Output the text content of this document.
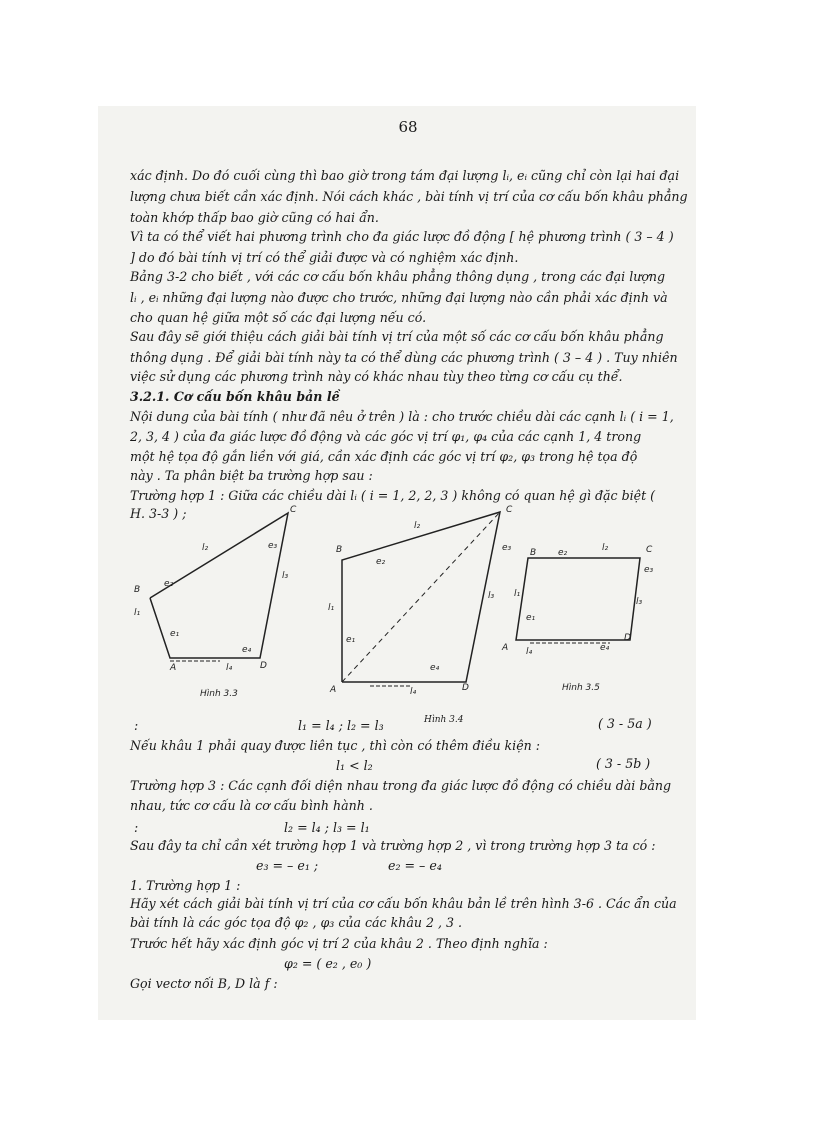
68
xác định. Do đó cuối cùng thì bao giờ trong tám đại lượng lᵢ, eᵢ cũng chỉ còn lại hai đại
lượng chưa biết cần xác định. Nói cách khác , bài tính vị trí của cơ cấu bốn khâu phẳng
toàn khớp thấp bao giờ cũng có hai ẩn.
Vì ta có thể viết hai phương trình cho đa giác lược đồ động [ hệ phương trình ( 3 – 4 )
] do đó bài tính vị trí có thể giải được và có nghiệm xác định.
Bảng 3-2 cho biết , với các cơ cấu bốn khâu phẳng thông dụng , trong các đại lượng
lᵢ , eᵢ những đại lượng nào được cho trước, những đại lượng nào cần phải xác định và
cho quan hệ giữa một số các đại lượng nếu có.
Sau đây sẽ giới thiệu cách giải bài tính vị trí của một số các cơ cấu bốn khâu phẳng
thông dụng . Để giải bài tính này ta có thể dùng các phương trình ( 3 – 4 ) . Tuy nhiên
việc sử dụng các phương trình này có khác nhau tùy theo từng cơ cấu cụ thể.
3.2.1. Cơ cấu bốn khâu bản lề
Nội dung của bài tính ( như đã nêu ở trên ) là : cho trước chiều dài các cạnh lᵢ ( i = 1,
2, 3, 4 ) của đa giác lược đồ động và các góc vị trí φ₁, φ₄ của các cạnh 1, 4 trong
một hệ tọa độ gắn liền với giá, cần xác định các góc vị trí φ₂, φ₃ trong hệ tọa độ
này . Ta phân biệt ba trường hợp sau :
Trường hợp 1 : Giữa các chiều dài lᵢ ( i = 1, 2, 2, 3 ) không có quan hệ gì đặc biệt (
H. 3-3 ) ;
B
C
A	D
l₁
l₂
l₃
l₄
e₁
e₂
e₃
e₄
Hình 3.3
B
C
A	D
l₁
l₂
l₃
l₄
e₁
e₂
e₃
e₄
B	C
A
D
l₁
l₂
l₃
l₄
e₁
e₂
e₃
e₄
Hình 3.5
:	l₁ = l₄ ; l₂ = l₃	Hình 3.4	( 3 - 5a )
Nếu khâu 1 phải quay được liên tục , thì còn có thêm điều kiện :
l₁ < l₂	( 3 - 5b )
Trường hợp 3 : Các cạnh đối diện nhau trong đa giác lược đồ động có chiều dài bằng
nhau, tức cơ cấu là cơ cấu bình hành .
:	l₂ = l₄ ; l₃ = l₁
Sau đây ta chỉ cần xét trường hợp 1 và trường hợp 2 , vì trong trường hợp 3 ta có :
e₃ = – e₁ ;	e₂ = – e₄
1. Trường hợp 1 :
Hãy xét cách giải bài tính vị trí của cơ cấu bốn khâu bản lề trên hình 3-6 . Các ẩn của
bài tính là các góc tọa độ φ₂ , φ₃ của các khâu 2 , 3 .
Trước hết hãy xác định góc vị trí 2 của khâu 2 . Theo định nghĩa :
φ₂ = ( e₂ , e₀ )
Gọi vectơ nối B, D là f :
